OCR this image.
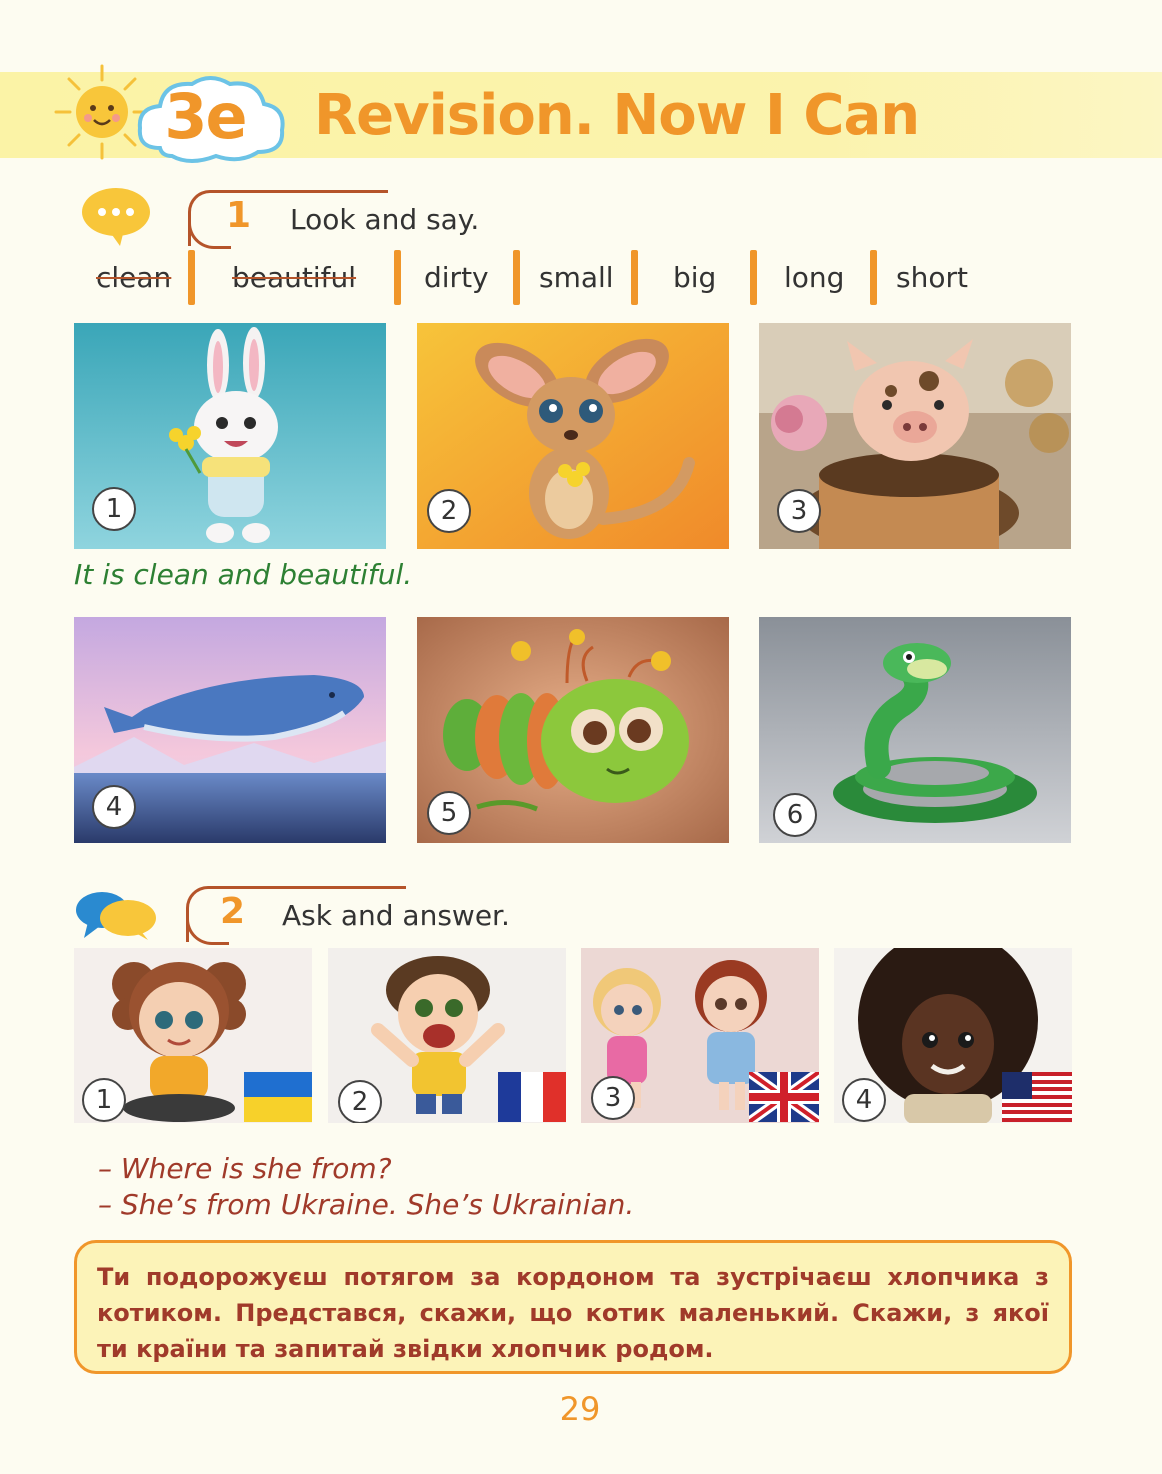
3e Revision. Now I Can
1 Look and say.
clean beautiful dirty small big long short
1	2	3
It is clean and beautiful.
4	5	6
2 Ask and answer.
1	2	3	4
– Where is she from?
– She’s from Ukraine. She’s Ukrainian.
Ти подорожуєш потягом за кордоном та зустрічаєш хлопчика з котиком. Представся, скажи, що котик маленький. Скажи, з якої ти країни та запитай звідки хлопчик родом.
29
